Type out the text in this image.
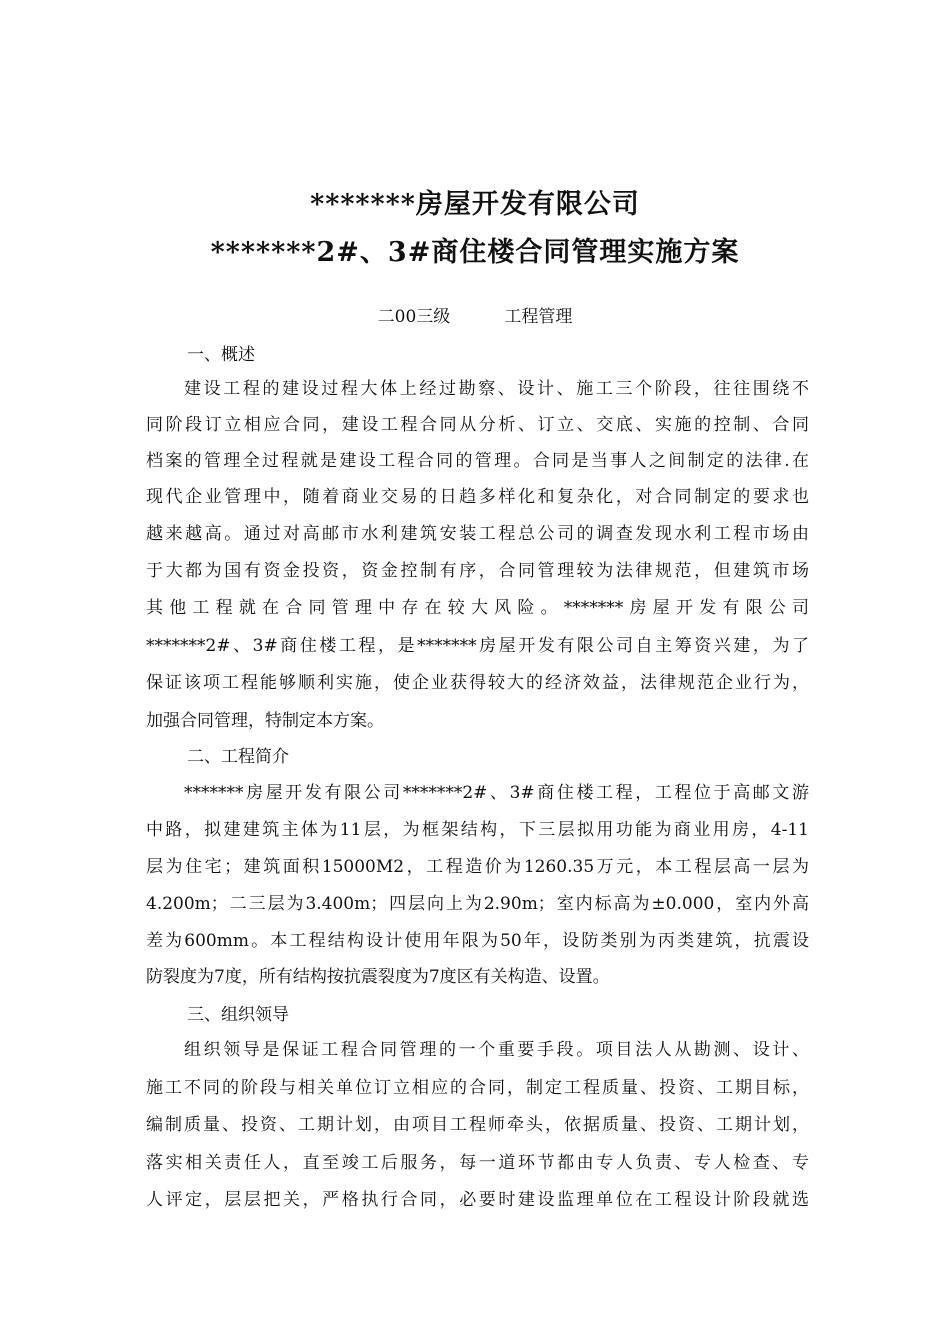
*******房屋开发有限公司
*******2#、3#商住楼合同管理实施方案
二00三级          工程管理
一、概述
建设工程的建设过程大体上经过勘察、设计、施工三个阶段，往往围绕不
同阶段订立相应合同，建设工程合同从分析、订立、交底、实施的控制、合同
档案的管理全过程就是建设工程合同的管理。合同是当事人之间制定的法律.在
现代企业管理中，随着商业交易的日趋多样化和复杂化，对合同制定的要求也
越来越高。通过对高邮市水利建筑安装工程总公司的调查发现水利工程市场由
于大都为国有资金投资，资金控制有序，合同管理较为法律规范，但建筑市场
其他工程就在合同管理中存在较大风险。*******房屋开发有限公司
*******2#、3#商住楼工程，是*******房屋开发有限公司自主筹资兴建，为了
保证该项工程能够顺利实施，使企业获得较大的经济效益，法律规范企业行为，
加强合同管理，特制定本方案。
二、工程简介
*******房屋开发有限公司*******2#、3#商住楼工程，工程位于高邮文游
中路，拟建建筑主体为11层，为框架结构，下三层拟用功能为商业用房，4-11
层为住宅；建筑面积15000M2，工程造价为1260.35万元，本工程层高一层为
4.200m；二三层为3.400m；四层向上为2.90m；室内标高为±0.000，室内外高
差为600mm。本工程结构设计使用年限为50年，设防类别为丙类建筑，抗震设
防裂度为7度，所有结构按抗震裂度为7度区有关构造、设置。
三、组织领导
组织领导是保证工程合同管理的一个重要手段。项目法人从勘测、设计、
施工不同的阶段与相关单位订立相应的合同，制定工程质量、投资、工期目标，
编制质量、投资、工期计划，由项目工程师牵头，依据质量、投资、工期计划，
落实相关责任人，直至竣工后服务，每一道环节都由专人负责、专人检查、专
人评定，层层把关，严格执行合同，必要时建设监理单位在工程设计阶段就选
